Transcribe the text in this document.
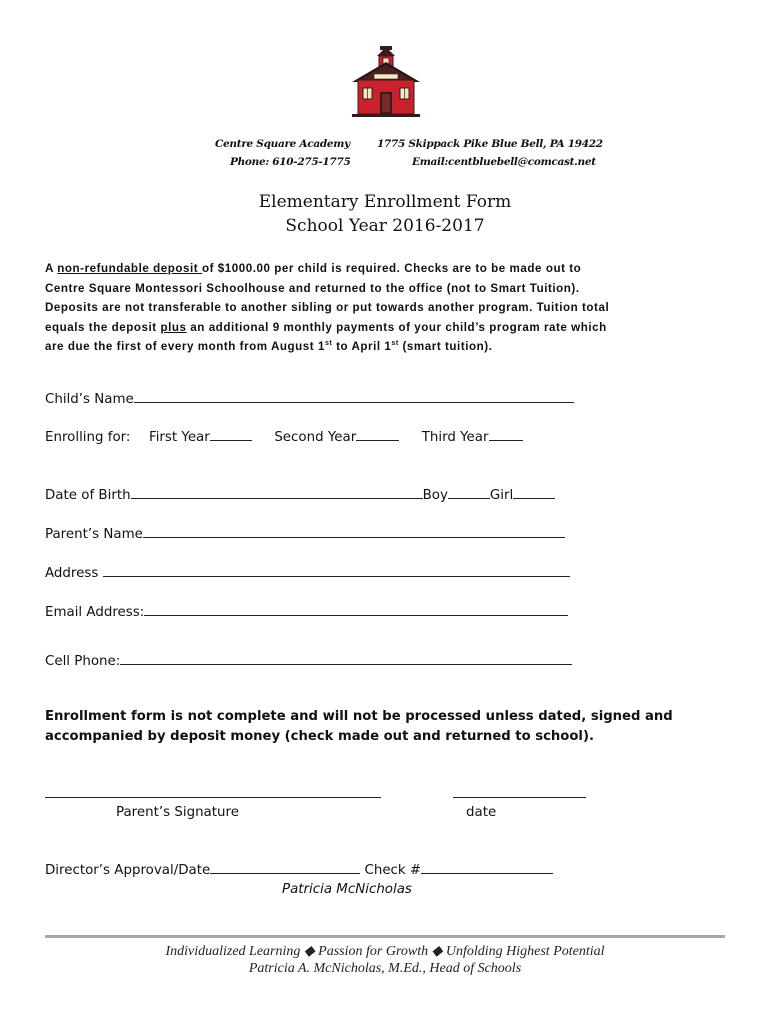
Centre Square Academy
Phone: 610-275-1775
1775 Skippack Pike Blue Bell, PA 19422
Email:centbluebell@comcast.net
Elementary Enrollment Form
School Year 2016-2017
A non-refundable deposit of $1000.00 per child is required. Checks are to be made out to
Centre Square Montessori Schoolhouse and returned to the office (not to Smart Tuition).
Deposits are not transferable to another sibling or put towards another program. Tuition total
equals the deposit plus an additional 9 monthly payments of your child’s program rate which
are due the first of every month from August 1st to April 1st (smart tuition).
Child’s Name
Enrolling for: First Year	Second Year	Third Year
Date of Birth	Boy	Girl
Parent’s Name
Address
Email Address:
Cell Phone:
Enrollment form is not complete and will not be processed unless dated, signed and
accompanied by deposit money (check made out and returned to school).
Parent’s Signature	date
Director’s Approval/Date	Check #
Patricia McNicholas
Individualized Learning ◆ Passion for Growth ◆ Unfolding Highest Potential
Patricia A. McNicholas, M.Ed., Head of Schools
